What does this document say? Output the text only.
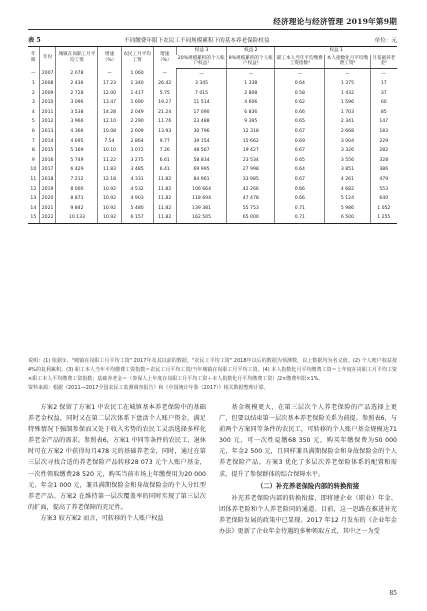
经济理论与经济管理 2019年第9期
表 5	不同缴费年限下农民工不同规模累积下的基本养老保险权益	单位：元
年限	年份	城镇在岗职工月平均工资	增速（%）	农民工月平均工资	增速（%）	权益 3	权益 2	权益 1		
						20%规模累积的个人账户权益¹	8%规模累积的个人账户权益²	职工本人当年平均缴费工资指数³	本人指数化月平均缴费工资⁴	月基础养老金⁵
—	2007	2 078	—	1 060	—	—	—	—	—	—
1	2008	2 436	17.23	1 340	26.42	3 345	1 338	0.64	1 375	17
2	2009	2 728	12.00	1 417	5.75	7 015	2 808	0.58	1 432	37
3	2010	3 096	13.47	1 690	19.27	11 514	4 606	0.62	1 596	60
4	2011	3 538	14.28	2 049	21.24	17 090	6 836	0.66	1 703	85
5	2012	3 966	12.10	2 290	11.76	23 488	9 395	0.65	2 341	147
6	2013	4 366	10.08	2 609	13.93	30 796	12 318	0.67	2 668	183
7	2014	4 695	7.54	2 864	9.77	39 154	15 662	0.69	3 004	229
8	2015	5 169	10.10	3 072	7.26	48 567	19 427	0.67	3 326	282
9	2016	5 749	11.22	3 275	6.61	58 834	23 534	0.65	3 556	328
10	2017	6 429	11.83	3 485	6.41	69 995	27 998	0.64	3 851	386
11	2018	7 212	12.18	4 331	11.82	84 961	33 985	0.67	4 261	479
12	2019	8 000	10.92	4 532	11.82	106 664	42 266	0.66	4 682	553
13	2020	8 871	10.92	4 903	11.82	118 694	47 478	0.66	5 124	640
14	2021	9 842	10.92	5 480	11.82	139 381	55 753	0.71	5 986	1 052
15	2022	10 133	10.92	6 157	11.82	162 505	65 000	0.71	6 500	1 255
说明：(1) 依据①、"城镇在岗职工月平均工资" 2017年及其以前的数据，"农民工平均工资" 2018年以后的数据为预测数，以上数据均为名义值。(2) 个人账户权益按4%的复利累积。(3) 职工本人当年平均缴费工资指数＝农民工月平均工资/当年城镇在岗职工月平均工资。(4) 本人指数化月平均缴费工资＝上年度在岗职工月平均工资×职工本人平均缴费工资指数；基础养老金＝（参保人上年度在岗职工月平均工资＋本人指数化月平均缴费工资）/2×缴费年限×1%。
资料来源：根据《2011—2017全国农民工监测调查报告》和《中国统计年鉴（2017）》相关数据整理计算。

方案2 保留了方案1 中农民工在城镇基本养老保险中的基础养老金权益，同时又在第二层次体系下盘活个人账户资金，满足特殊情况下强制参保而又处于收入劣势的农民工灵活选择多样化养老金产品的需求。参照表6，方案1 中同等条件的农民工，退休时可在方案2 中获得每月478 元的基础养老金，同时，通过在第三层次寻找合适的养老保险产品转移28 073 元个人账户基金，一次性领取缴费28 520 元，购买当前市场上年缴费用为20 000 元、年金1 000 元，兼具满期保险金和身故保险金的个人分红型养老产品。方案2 在维持第一层次覆盖率的同时实现了第三层次的扩面，提高了养老保障的充足性。

方案3 较方案2 而言，可转移的个人账户权益

基金规模更大，在第三层次个人养老保险的产品选择上更广，但要以结束第一层次基本养老保险关系为前提。参照表6，与前两个方案同等条件的农民工，可转移的个人账户基金规模达71 300 元，可一次性趸缴68 350 元，购买年缴保费为50 000 元，年金2 500 元，且同样兼具满期保险金和身故保险金的个人养老保险产品。方案3 优化了多层次养老保险体系的配置和需求，提升了参保群体的综合保障水平。

（二）补充养老保险内部的转换衔接

补充养老保险内部的转换衔接，即将建企业（职业）年金、团体养老险和个人养老险同的通道。目前，这一思路在推进补充养老保险发展的政策中已显现。2017 年12 月发布的《企业年金办法》更新了企业年金待遇的多种领取方式，其中之一为受

85
